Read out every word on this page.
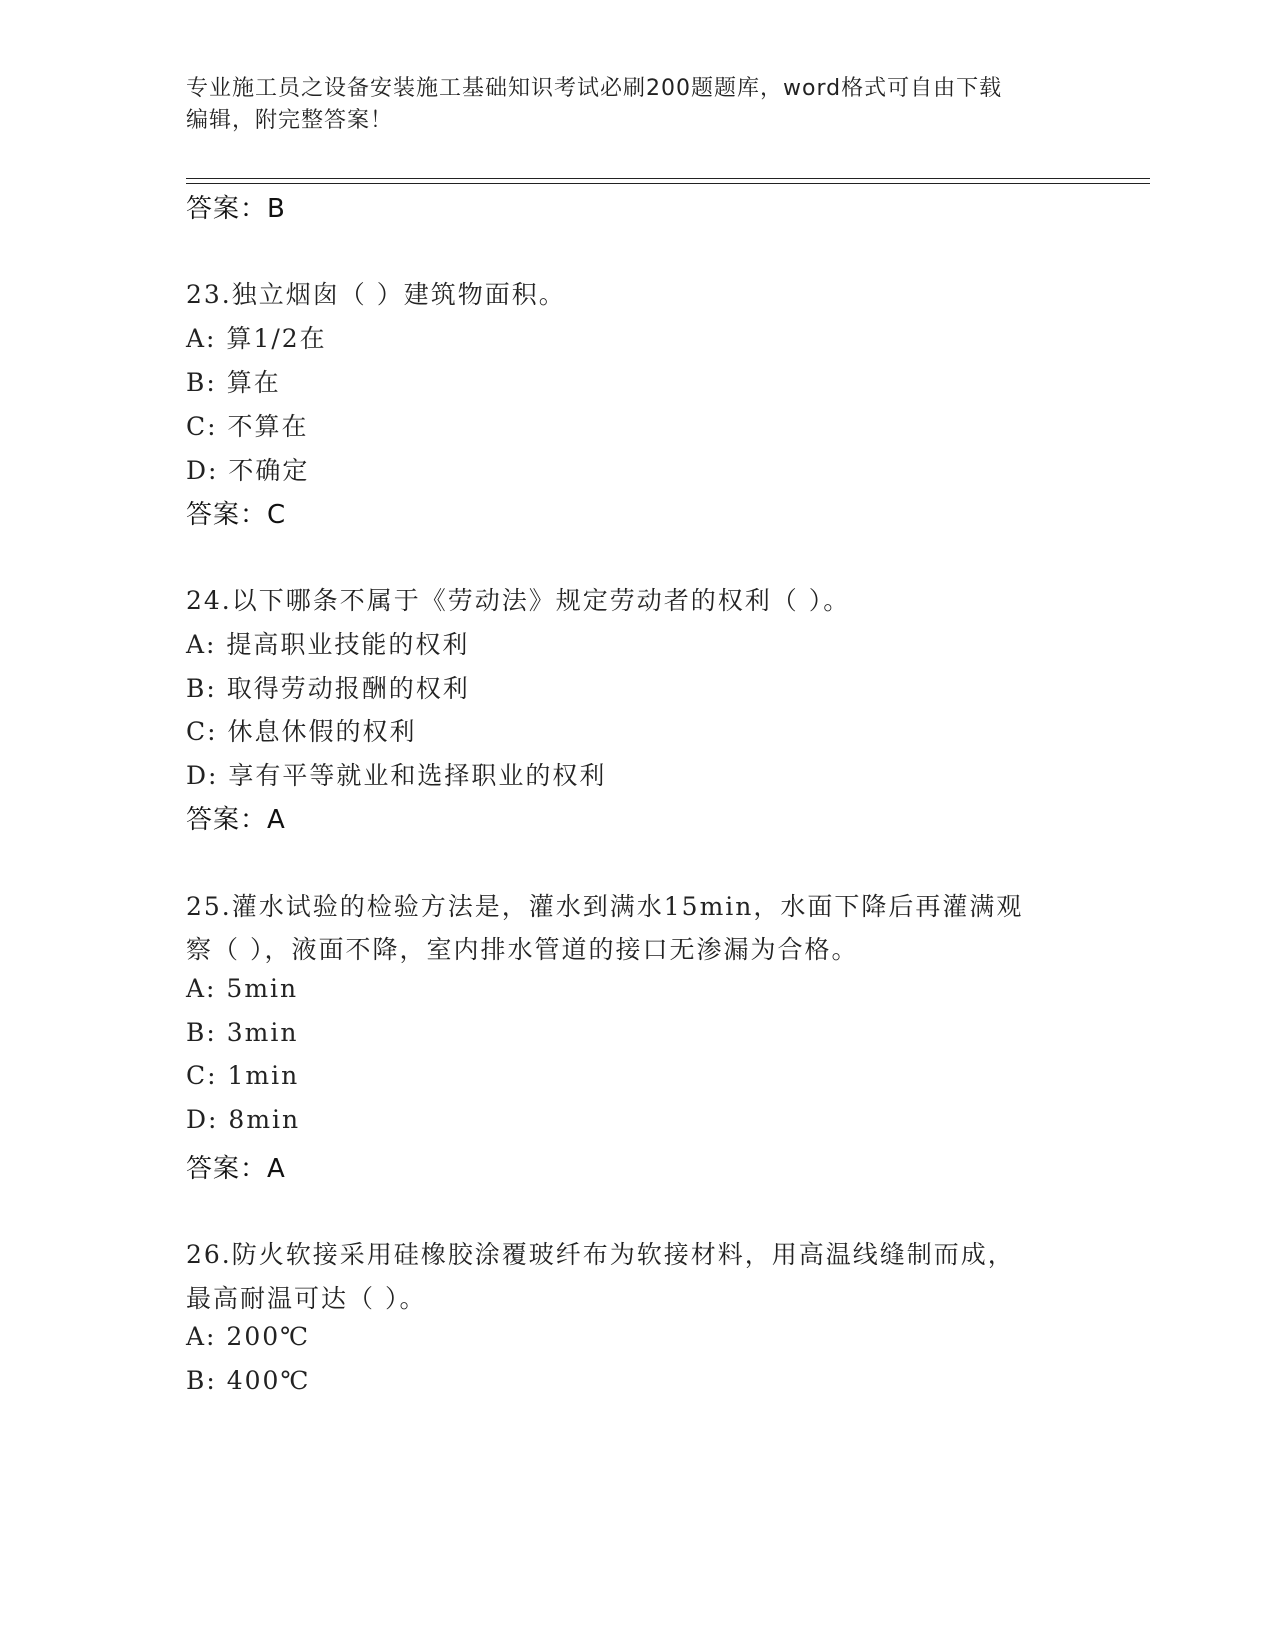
专业施工员之设备安装施工基础知识考试必刷200题题库，word格式可自由下载
编辑，附完整答案！
答案：B
23.独立烟囱（ ）建筑物面积。
A: 算1/2在
B: 算在
C: 不算在
D: 不确定
答案：C
24.以下哪条不属于《劳动法》规定劳动者的权利（ ）。
A: 提高职业技能的权利
B: 取得劳动报酬的权利
C: 休息休假的权利
D: 享有平等就业和选择职业的权利
答案：A
25.灌水试验的检验方法是，灌水到满水15min，水面下降后再灌满观
察（ ），液面不降，室内排水管道的接口无渗漏为合格。
A: 5min
B: 3min
C: 1min
D: 8min
答案：A
26.防火软接采用硅橡胶涂覆玻纤布为软接材料，用高温线缝制而成，
最高耐温可达（ ）。
A: 200℃
B: 400℃
